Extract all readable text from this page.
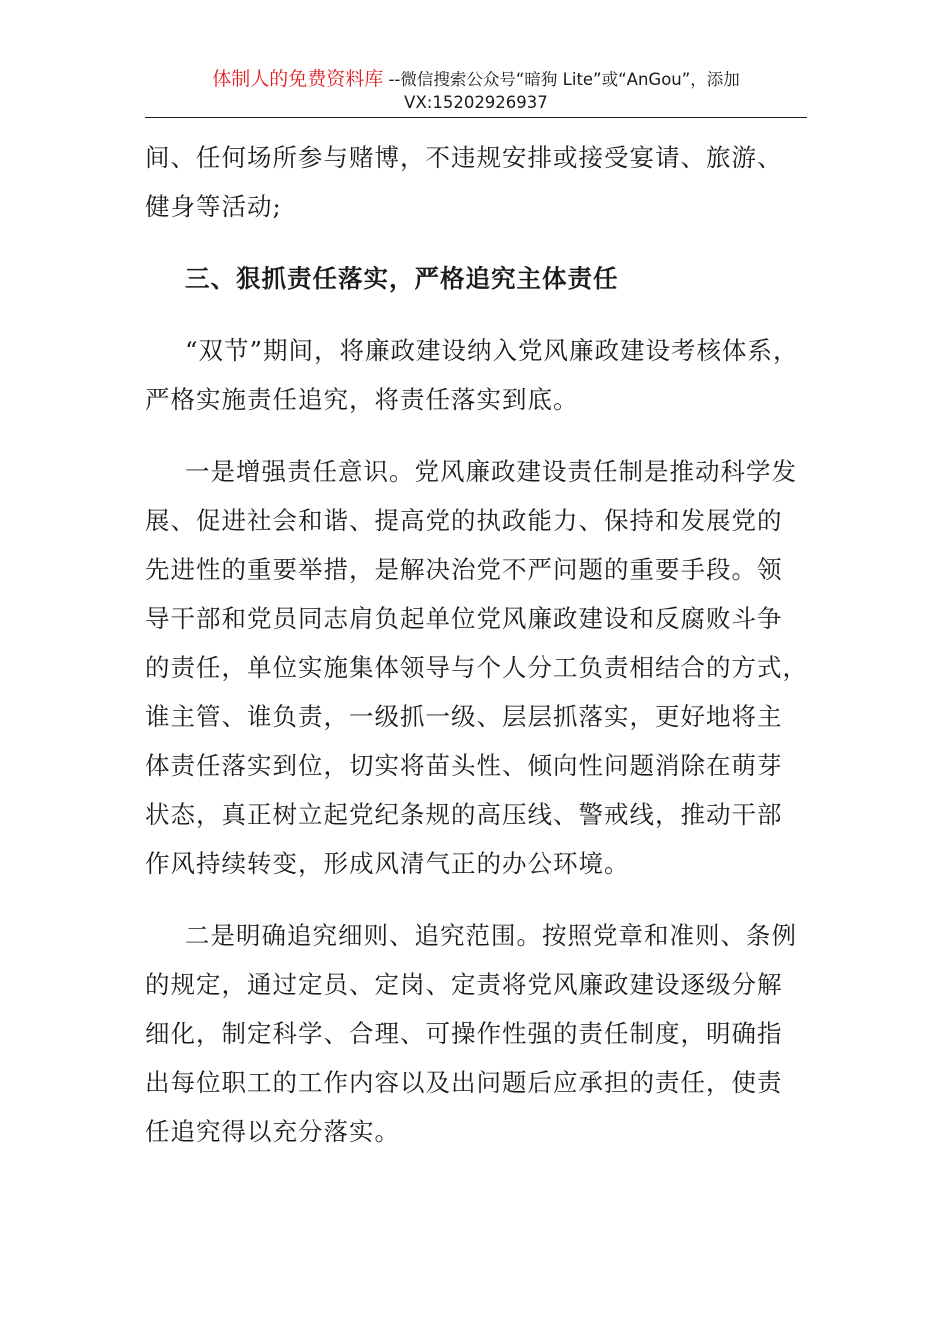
体制人的免费资料库 --微信搜索公众号“暗狗 Lite”或“AnGou”，添加
VX:15202926937
间、任何场所参与赌博，不违规安排或接受宴请、旅游、
健身等活动;
三、狠抓责任落实，严格追究主体责任
“双节”期间，将廉政建设纳入党风廉政建设考核体系，
严格实施责任追究，将责任落实到底。
一是增强责任意识。党风廉政建设责任制是推动科学发
展、促进社会和谐、提高党的执政能力、保持和发展党的
先进性的重要举措，是解决治党不严问题的重要手段。领
导干部和党员同志肩负起单位党风廉政建设和反腐败斗争
的责任，单位实施集体领导与个人分工负责相结合的方式，
谁主管、谁负责，一级抓一级、层层抓落实，更好地将主
体责任落实到位，切实将苗头性、倾向性问题消除在萌芽
状态，真正树立起党纪条规的高压线、警戒线，推动干部
作风持续转变，形成风清气正的办公环境。
二是明确追究细则、追究范围。按照党章和准则、条例
的规定，通过定员、定岗、定责将党风廉政建设逐级分解
细化，制定科学、合理、可操作性强的责任制度，明确指
出每位职工的工作内容以及出问题后应承担的责任，使责
任追究得以充分落实。
